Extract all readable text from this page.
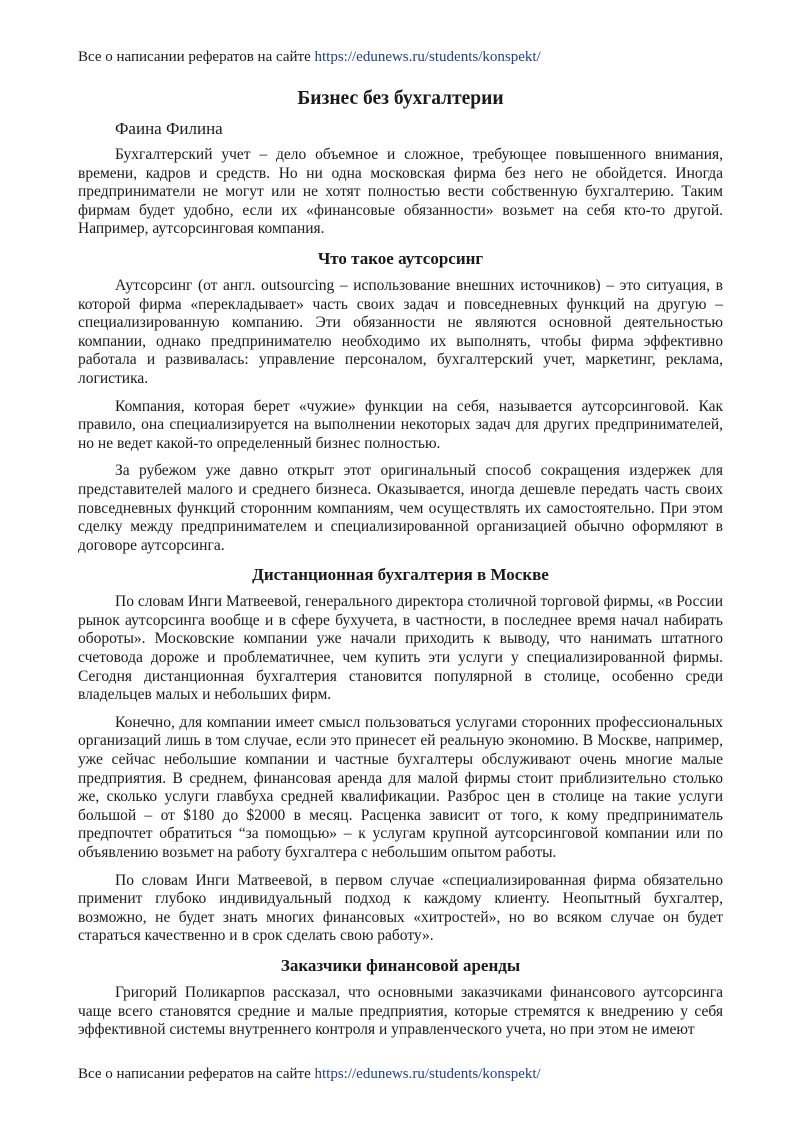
Все о написании рефератов на сайте https://edunews.ru/students/konspekt/
Бизнес без бухгалтерии
Фаина Филина

Бухгалтерский учет – дело объемное и сложное, требующее повышенного внимания, времени, кадров и средств. Но ни одна московская фирма без него не обойдется. Иногда предприниматели не могут или не хотят полностью вести собственную бухгалтерию. Таким фирмам будет удобно, если их «финансовые обязанности» возьмет на себя кто-то другой. Например, аутсорсинговая компания.

Что такое аутсорсинг

Аутсорсинг (от англ. outsourcing – использование внешних источников) – это ситуация, в которой фирма «перекладывает» часть своих задач и повседневных функций на другую – специализированную компанию. Эти обязанности не являются основной деятельностью компании, однако предпринимателю необходимо их выполнять, чтобы фирма эффективно работала и развивалась: управление персоналом, бухгалтерский учет, маркетинг, реклама, логистика.

Компания, которая берет «чужие» функции на себя, называется аутсорсинговой. Как правило, она специализируется на выполнении некоторых задач для других предпринимателей, но не ведет какой-то определенный бизнес полностью.

За рубежом уже давно открыт этот оригинальный способ сокращения издержек для представителей малого и среднего бизнеса. Оказывается, иногда дешевле передать часть своих повседневных функций сторонним компаниям, чем осуществлять их самостоятельно. При этом сделку между предпринимателем и специализированной организацией обычно оформляют в договоре аутсорсинга.

Дистанционная бухгалтерия в Москве

По словам Инги Матвеевой, генерального директора столичной торговой фирмы, «в России рынок аутсорсинга вообще и в сфере бухучета, в частности, в последнее время начал набирать обороты». Московские компании уже начали приходить к выводу, что нанимать штатного счетовода дороже и проблематичнее, чем купить эти услуги у специализированной фирмы. Сегодня дистанционная бухгалтерия становится популярной в столице, особенно среди владельцев малых и небольших фирм.

Конечно, для компании имеет смысл пользоваться услугами сторонних профессиональных организаций лишь в том случае, если это принесет ей реальную экономию. В Москве, например, уже сейчас небольшие компании и частные бухгалтеры обслуживают очень многие малые предприятия. В среднем, финансовая аренда для малой фирмы стоит приблизительно столько же, сколько услуги главбуха средней квалификации. Разброс цен в столице на такие услуги большой – от $180 до $2000 в месяц. Расценка зависит от того, к кому предприниматель предпочтет обратиться “за помощью» – к услугам крупной аутсорсинговой компании или по объявлению возьмет на работу бухгалтера с небольшим опытом работы.

По словам Инги Матвеевой, в первом случае «специализированная фирма обязательно применит глубоко индивидуальный подход к каждому клиенту. Неопытный бухгалтер, возможно, не будет знать многих финансовых «хитростей», но во всяком случае он будет стараться качественно и в срок сделать свою работу».

Заказчики финансовой аренды

Григорий Поликарпов рассказал, что основными заказчиками финансового аутсорсинга чаще всего становятся средние и малые предприятия, которые стремятся к внедрению у себя эффективной системы внутреннего контроля и управленческого учета, но при этом не имеют

Все о написании рефератов на сайте https://edunews.ru/students/konspekt/
